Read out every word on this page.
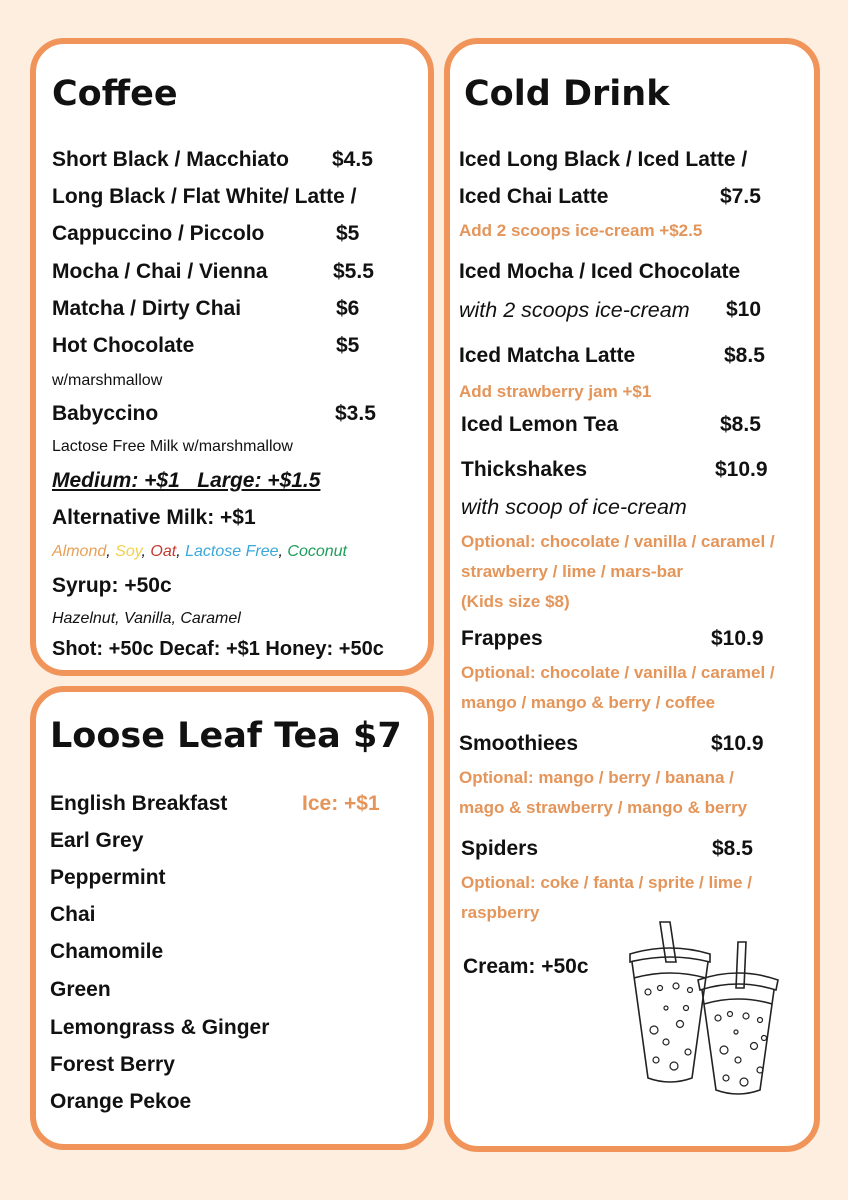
Coffee
Short Black / Macchiato $4.5
Long Black / Flat White/ Latte /
Cappuccino / Piccolo	$5
Mocha / Chai / Vienna	$5.5
Matcha / Dirty Chai	$6
Hot Chocolate	$5
w/marshmallow
Babyccino	$3.5
Lactose Free Milk w/marshmallow
Medium: +$1   Large: +$1.5
Alternative Milk: +$1
Almond, Soy, Oat, Lactose Free, Coconut
Syrup: +50c
Hazelnut, Vanilla, Caramel
Shot: +50c Decaf: +$1 Honey: +50c
Loose Leaf Tea $7
Ice: +$1
English Breakfast
Earl Grey
Peppermint
Chai
Chamomile
Green
Lemongrass & Ginger
Forest Berry
Orange Pekoe
Cold Drink
Iced Long Black / Iced Latte /
Iced Chai Latte	$7.5
Add 2 scoops ice-cream +$2.5
Iced Mocha / Iced Chocolate
with 2 scoops ice-cream $10
Iced Matcha Latte	$8.5
Add strawberry jam +$1
Iced Lemon Tea	$8.5
Thickshakes	$10.9
with scoop of ice-cream
Optional: chocolate / vanilla / caramel /
strawberry / lime / mars-bar
(Kids size $8)
Frappes	$10.9
Optional: chocolate / vanilla / caramel /
mango / mango & berry / coffee
Smoothiees	$10.9
Optional: mango / berry / banana /
mago & strawberry / mango & berry
Spiders	$8.5
Optional: coke / fanta / sprite / lime /
raspberry
Cream: +50c
